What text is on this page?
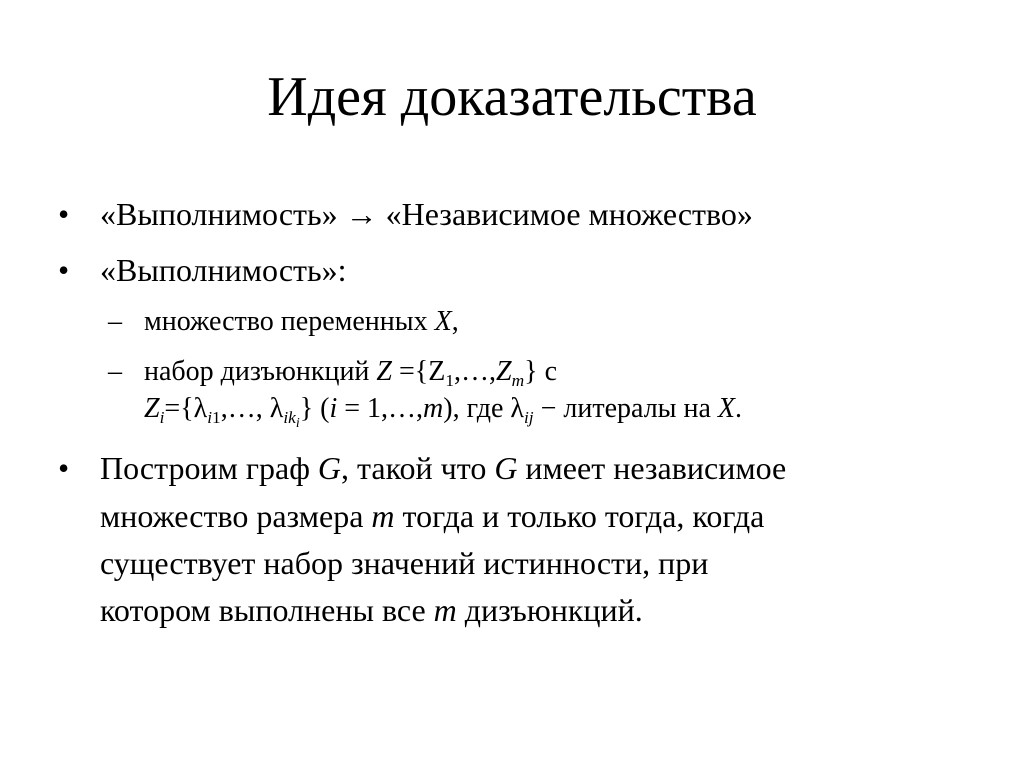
Идея доказательства
• «Выполнимость» → «Независимое множество»
• «Выполнимость»:
– множество переменных X,
– набор дизъюнкций $Z =\{Z_1,\dots,Z_m\}$ с
$Z_i=\{\lambda_{i1},\dots$, $\lambda_{ik_i}$} (i = 1,…,m), где $\lambda_{ij}$ − литералы на X.
• Построим граф G, такой что G имеет независимое
множество размера m тогда и только тогда, когда
существует набор значений истинности, при
котором выполнены все m дизъюнкций.
